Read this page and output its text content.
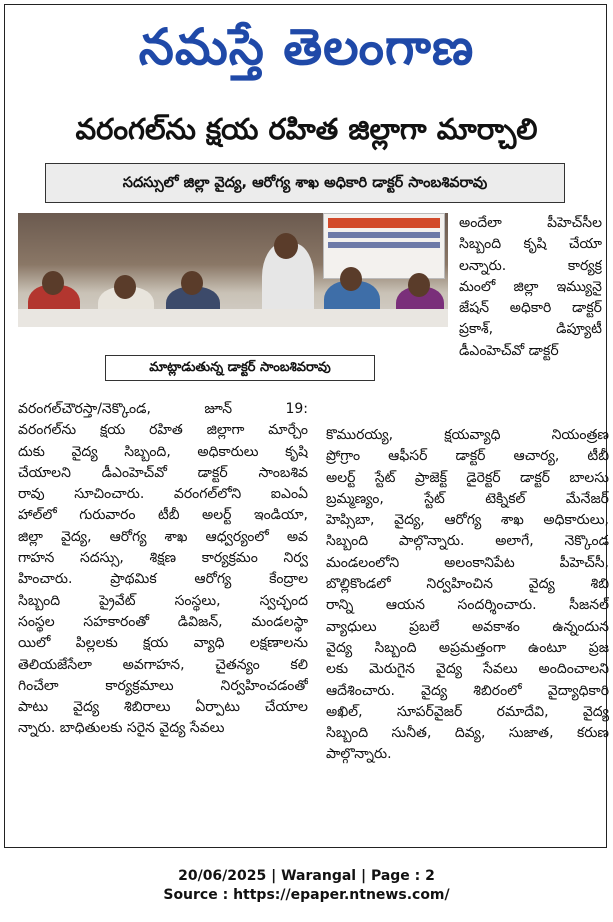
నమస్తే తెలంగాణ
వరంగల్‌ను క్షయ రహిత జిల్లాగా మార్చాలి
సదస్సులో జిల్లా వైద్య, ఆరోగ్య శాఖ అధికారి డాక్టర్ సాంబశివరావు
మాట్లాడుతున్న డాక్టర్ సాంబశివరావు
అందేలా పీహెచ్‌సీల
సిబ్బంది కృషి చేయా
లన్నారు. కార్యక్ర
మంలో జిల్లా ఇమ్యునై
జేషన్ అధికారి డాక్టర్
ప్రకాశ్, డిప్యూటీ
డీఎంహెచ్‌వో డాక్టర్
వరంగల్‌చౌరస్తా/నెక్కొండ, జూన్ 19:
వరంగల్‌ను క్షయ రహిత జిల్లాగా మార్చేం
దుకు వైద్య సిబ్బంది, అధికారులు కృషి
చేయాలని డీఎంహెచ్‌వో డాక్టర్ సాంబశివ
రావు సూచించారు. వరంగల్‌లోని ఐఎంఏ
హాల్‌లో గురువారం టీబీ అలర్ట్ ఇండియా,
జిల్లా వైద్య, ఆరోగ్య శాఖ ఆధ్వర్యంలో అవ
గాహన సదస్సు, శిక్షణ కార్యక్రమం నిర్వ
హించారు. ప్రాథమిక ఆరోగ్య కేంద్రాల
సిబ్బంది ప్రైవేట్ సంస్థలు, స్వచ్ఛంద
సంస్థల సహకారంతో డివిజన్, మండలస్థా
యిలో పిల్లలకు క్షయ వ్యాధి లక్షణాలను
తెలియజేసేలా అవగాహన, చైతన్యం కలి
గించేలా కార్యక్రమాలు నిర్వహించడంతో
పాటు వైద్య శిబిరాలు ఏర్పాటు చేయాల
న్నారు. బాధితులకు సరైన వైద్య సేవలు
కొమురయ్య, క్షయవ్యాధి నియంత్రణ
ప్రోగ్రాం ఆఫీసర్ డాక్టర్ ఆచార్య, టీబీ
అలర్ట్ స్టేట్ ప్రాజెక్ట్ డైరెక్టర్ డాక్టర్ బాలసు
బ్రమ్మణ్యం, స్టేట్ టెక్నికల్ మేనేజర్
హెప్సిబా, వైద్య, ఆరోగ్య శాఖ అధికారులు,
సిబ్బంది పాల్గొన్నారు. అలాగే, నెక్కొండ
మండలంలోని అలంకానిపేట పీహెచ్‌సీ,
బొల్లికొండలో నిర్వహించిన వైద్య శిబి
రాన్ని ఆయన సందర్శించారు. సీజనల్
వ్యాధులు ప్రబలే అవకాశం ఉన్నందున
వైద్య సిబ్బంది అప్రమత్తంగా ఉంటూ ప్రజ
లకు మెరుగైన వైద్య సేవలు అందించాలని
ఆదేశించారు. వైద్య శిబిరంలో వైద్యాధికారి
అఖిల్, సూపర్‌వైజర్ రమాదేవి, వైద్య
సిబ్బంది సునీత, దివ్య, సుజాత, కరుణ
పాల్గొన్నారు.
20/06/2025 | Warangal | Page : 2
Source : https://epaper.ntnews.com/
